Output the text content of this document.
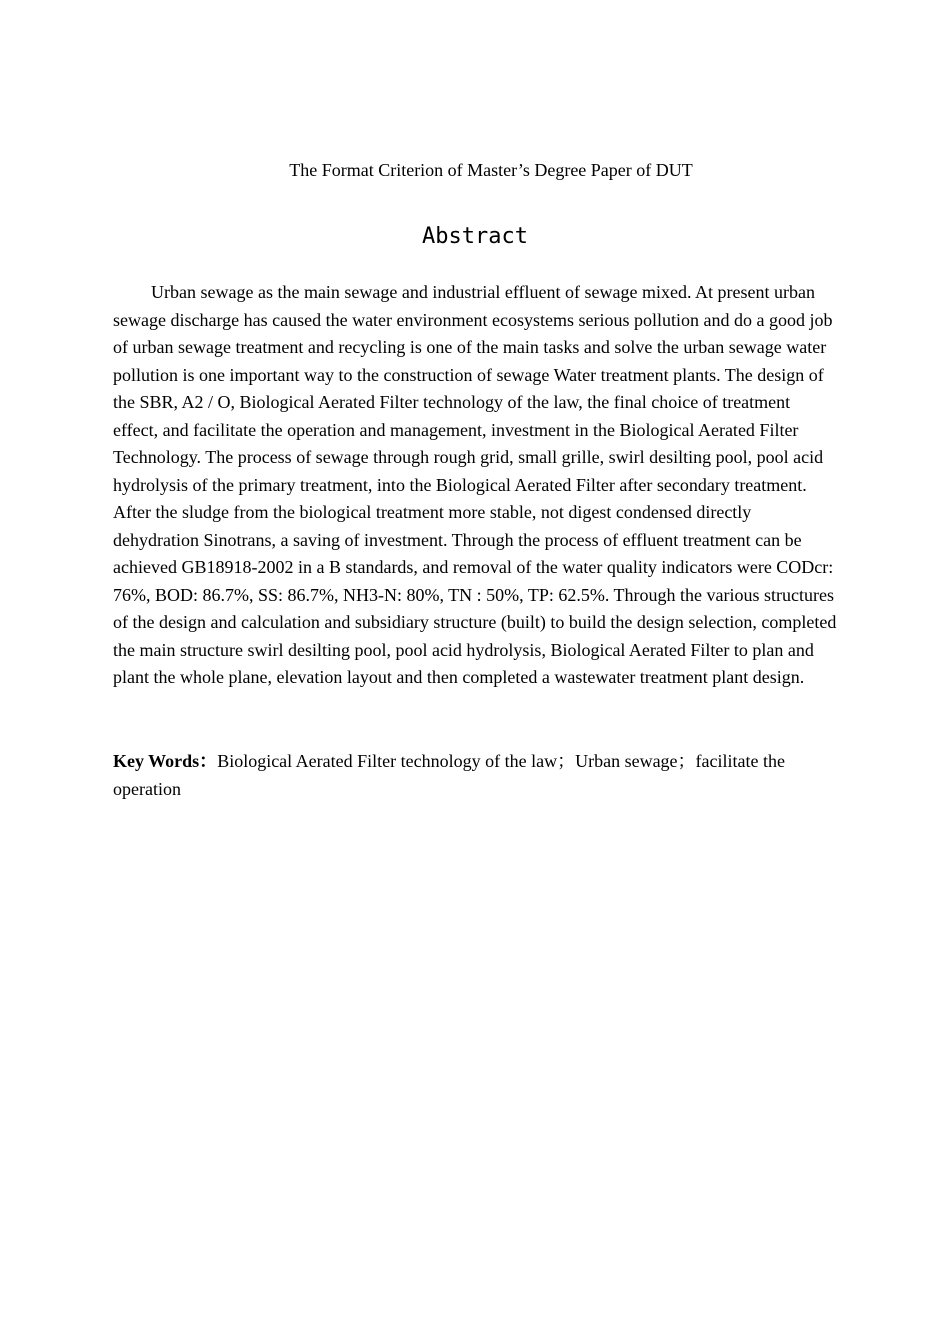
The Format Criterion of Master’s Degree Paper of DUT
Abstract

Urban sewage as the main sewage and industrial effluent of sewage mixed. At present urban sewage discharge has caused the water environment ecosystems serious pollution and do a good job of urban sewage treatment and recycling is one of the main tasks and solve the urban sewage water pollution is one important way to the construction of sewage Water treatment plants. The design of the SBR, A2 / O, Biological Aerated Filter technology of the law, the final choice of treatment effect, and facilitate the operation and management, investment in the Biological Aerated Filter Technology. The process of sewage through rough grid, small grille, swirl desilting pool, pool acid hydrolysis of the primary treatment, into the Biological Aerated Filter after secondary treatment. After the sludge from the biological treatment more stable, not digest condensed directly dehydration Sinotrans, a saving of investment. Through the process of effluent treatment can be achieved GB18918-2002 in a B standards, and removal of the water quality indicators were CODcr: 76%, BOD: 86.7%, SS: 86.7%, NH3-N: 80%, TN : 50%, TP: 62.5%. Through the various structures of the design and calculation and subsidiary structure (built) to build the design selection, completed the main structure swirl desilting pool, pool acid hydrolysis, Biological Aerated Filter to plan and plant the whole plane, elevation layout and then completed a wastewater treatment plant design.

Key Words：Biological Aerated Filter technology of the law；Urban sewage；facilitate the operation
